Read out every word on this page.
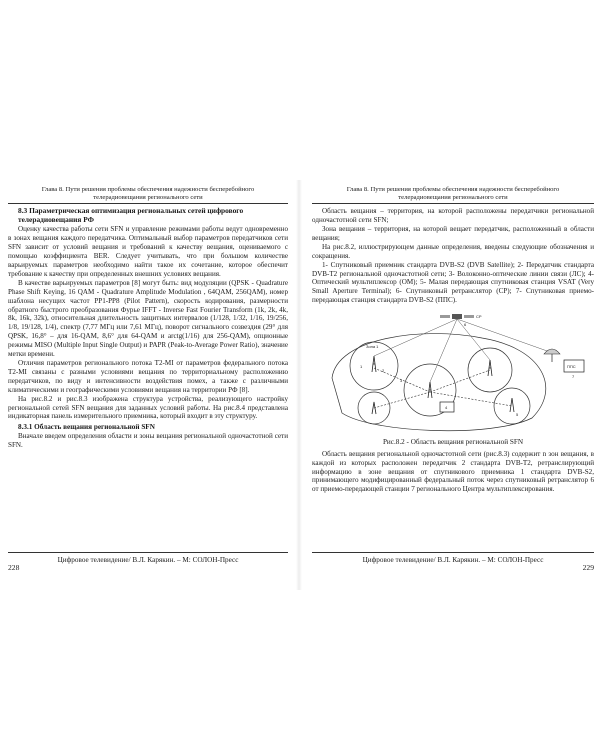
Глава 8. Пути решения проблемы обеспечения надежности бесперебойного
телерадиовещания регионального сети
8.3 Параметрическая оптимизация региональных сетей цифрового телерадиовещания РФ

Оценку качества работы сети SFN и управление режимами работы ведут одновременно в зонах вещания каждого передатчика. Оптимальный выбор параметров передатчиков сети SFN зависит от условий вещания и требований к качеству вещания, оцениваемого с помощью коэффициента BER. Следует учитывать, что при большом количестве варьируемых параметров необходимо найти такое их сочетание, которое обеспечит требование к качеству при определенных внешних условиях вещания.

В качестве варьируемых параметров [8] могут быть: вид модуляции (QPSK - Quadrature Phase Shift Keying, 16 QAM - Quadrature Amplitude Modulation , 64QAM, 256QAM), номер шаблона несущих частот PP1-PP8 (Pilot Pattern), скорость кодирования, размерности обратного быстрого преобразования Фурье IFFT - Inverse Fast Fourier Transform (1k, 2k, 4k, 8k, 16k, 32k), относительная длительность защитных интервалов (1/128, 1/32, 1/16, 19/256, 1/8, 19/128, 1/4), спектр (7,77 МГц или 7,61 МГц), поворот сигнального созвездия (29° для QPSK, 16,8° – для 16-QAM, 8,6° для 64-QAM и arctg(1/16) для 256-QAM), опционные режимы MISO (Multiple Input Single Output) и PAPR (Peak-to-Average Power Ratio), значение метки времени.

Отличия параметров регионального потока T2-MI от параметров федерального потока T2-MI связаны с разными условиями вещания по территориальному расположению передатчиков, по виду и интенсивности воздействия помех, а также с различными климатическими и географическими условиями вещания на территории РФ [8].

На рис.8.2 и рис.8.3 изображена структура устройства, реализующего настройку региональной сетей SFN вещания для заданных условий работы. На рис.8.4 представлена индикаторная панель измерительного приемника, который входит в эту структуру.

8.3.1 Область вещания региональной SFN

Вначале введем определения области и зоны вещания региональной одночастотной сети SFN.

Цифровое телевидение/ В.Л. Карякин. – М: СОЛОН-Пресс
228
Глава 8. Пути решения проблемы обеспечения надежности бесперебойного
телерадиовещания регионального сети

Область вещания – территория, на которой расположены передатчики региональной одночастотной сети SFN;

Зона вещания – территория, на которой вещает передатчик, расположенный в области вещания;

На рис.8.2, иллюстрирующем данные определения, введены следующие обозначения и сокращения.

1- Спутниковый приемник стандарта DVB-S2 (DVB Satellite); 2- Передатчик стандарта DVB-T2 региональной одночастотной сети; 3- Волоконно-оптические линии связи (ЛС); 4- Оптический мультиплексор (ОМ); 5- Малая передающая спутниковая станция VSAT (Very Small Aperture Terminal); 6- Спутниковый ретранслятор (СР); 7- Спутниковая приемо-передающая станция стандарта DVB-S2 (ППС).

Зона 1
СР
ППС
1
2
3
4
5
6
7
Рис.8.2 - Область вещания региональной SFN

Область вещания региональной одночастотной сети (рис.8.3) содержит n зон вещания, в каждой из которых расположен передатчик 2 стандарта DVB-T2, ретранслирующий информацию в зоне вещания от спутникового приемника 1 стандарта DVB-S2, принимающего модифицированный федеральный поток через спутниковый ретранслятор 6 от приемо-передающей станции 7 регионального Центра мультиплексирования.

Цифровое телевидение/ В.Л. Карякин. – М: СОЛОН-Пресс
229
